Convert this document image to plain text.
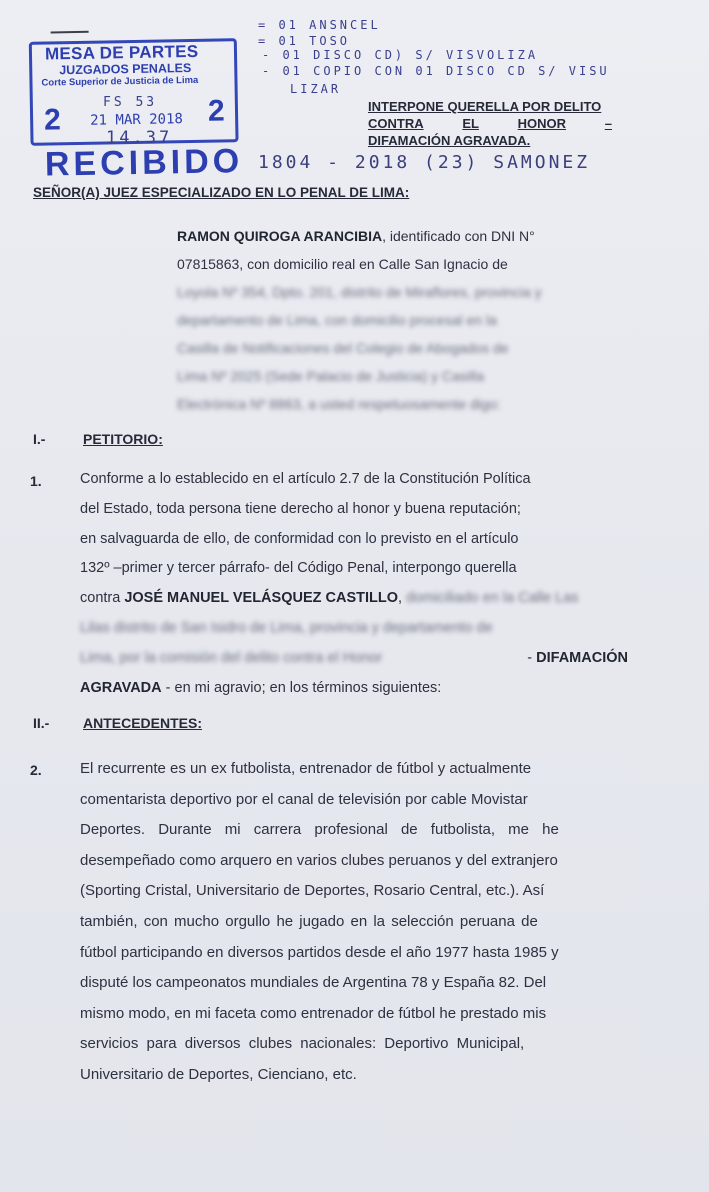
MESA DE PARTES
JUZGADOS PENALES
Corte Superior de Justicia de Lima
2 21 MAR 2018 2
RECIBIDO
FS 53
14.37
= 01 ANSNCEL
= 01 TOSO
- 01 DISCO CD) S/ VISVOLIZA
- 01 COPIO CON 01 DISCO CD S/ VISU
LIZAR
1804 - 2018 (23) SAMONEZ
INTERPONE QUERELLA POR DELITO
CONTRA	EL	HONOR	–
DIFAMACIÓN AGRAVADA.
SEÑOR(A) JUEZ ESPECIALIZADO EN LO PENAL DE LIMA:
RAMON QUIROGA ARANCIBIA, identificado con DNI N°
07815863, con domicilio real en Calle San Ignacio de
Loyola Nº 354, Dpto. 201, distrito de Miraflores, provincia y
departamento de Lima, con domicilio procesal en la
Casilla de Notificaciones del Colegio de Abogados de
Lima Nº 2025 (Sede Palacio de Justicia) y Casilla
Electrónica Nº 8863, a usted respetuosamente digo:
I.-	PETITORIO:
1.	Conforme a lo establecido en el artículo 2.7 de la Constitución Política
del Estado, toda persona tiene derecho al honor y buena reputación;
en salvaguarda de ello, de conformidad con lo previsto en el artículo
132º –primer y tercer párrafo- del Código Penal, interpongo querella
contra JOSÉ MANUEL VELÁSQUEZ CASTILLO, domiciliado en la Calle Las
Lilas distrito de San Isidro de Lima, provincia y departamento de
Lima, por la comisión del delito contra el Honor	- DIFAMACIÓN
AGRAVADA - en mi agravio; en los términos siguientes:
II.- ANTECEDENTES:
2.	El recurrente es un ex futbolista, entrenador de fútbol y actualmente
comentarista deportivo por el canal de televisión por cable Movistar
Deportes. Durante mi carrera profesional de futbolista, me he
desempeñado como arquero en varios clubes peruanos y del extranjero
(Sporting Cristal, Universitario de Deportes, Rosario Central, etc.). Así
también, con mucho orgullo he jugado en la selección peruana de
fútbol participando en diversos partidos desde el año 1977 hasta 1985 y
disputé los campeonatos mundiales de Argentina 78 y España 82. Del
mismo modo, en mi faceta como entrenador de fútbol he prestado mis
servicios para diversos clubes nacionales: Deportivo Municipal,
Universitario de Deportes, Cienciano, etc.
